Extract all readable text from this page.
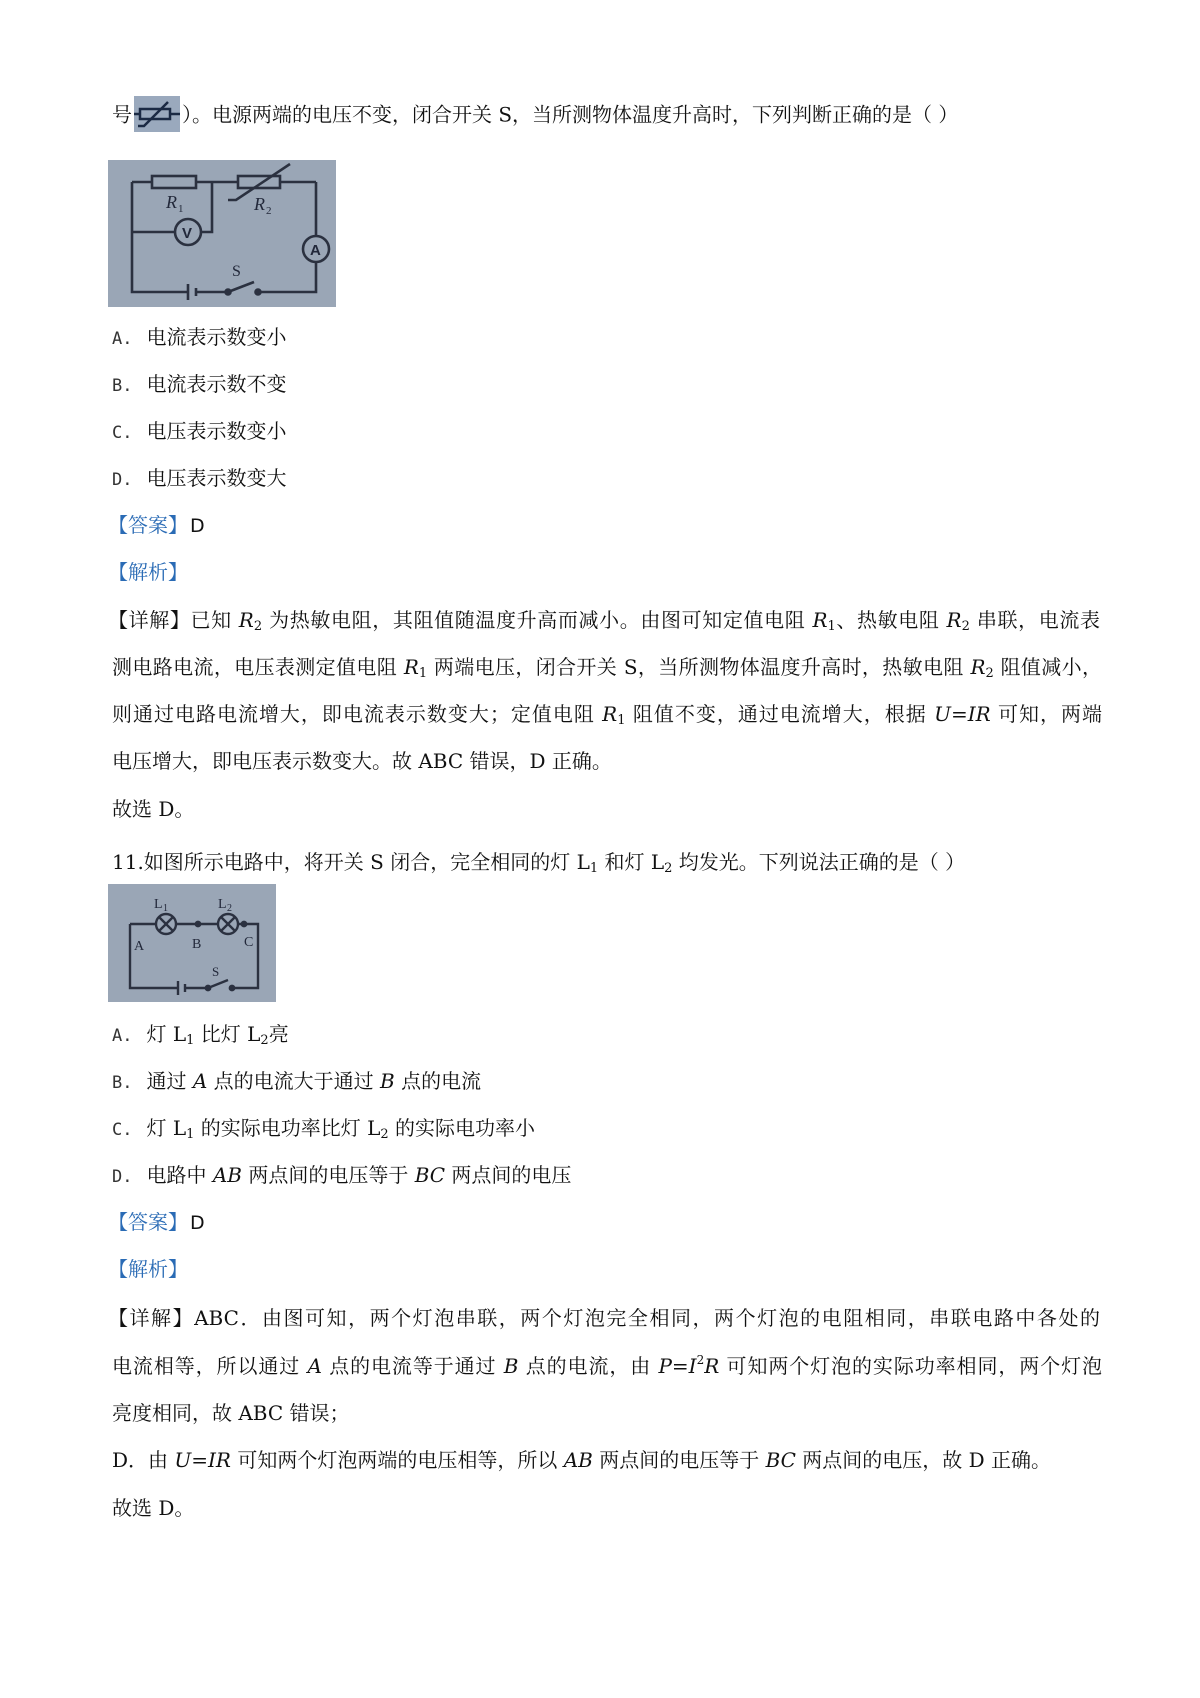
号	）。电源两端的电压不变，闭合开关 S，当所测物体温度升高时，下列判断正确的是（ ）
V
A
R 1	R 2
S
A. 电流表示数变小
B. 电流表示数不变
C. 电压表示数变小
D. 电压表示数变大
【答案】 D
【解析】
【详解】已知 $R_2$ 为热敏电阻，其阻值随温度升高而减小。由图可知定值电阻 $R_1$、热敏电阻 $R_2$ 串联，电流表
测电路电流，电压表测定值电阻 $R_1$ 两端电压，闭合开关 S，当所测物体温度升高时，热敏电阻 $R_2$ 阻值减小，
则通过电路电流增大，即电流表示数变大；定值电阻 $R_1$ 阻值不变，通过电流增大，根据 U=IR 可知，两端
电压增大，即电压表示数变大。故 ABC 错误，D 正确。
故选 D。
11.如图所示电路中，将开关 S 闭合，完全相同的灯 $L_1$ 和灯 $L_2$ 均发光。下列说法正确的是（ ）
L 1	L 2
A	B	C
S
A. 灯 $L_1$ 比灯 $L_2$亮
B. 通过 A 点的电流大于通过 B 点的电流
C. 灯 $L_1$ 的实际电功率比灯 $L_2$ 的实际电功率小
D. 电路中 AB 两点间的电压等于 BC 两点间的电压
【答案】 D
【解析】
【详解】ABC．由图可知，两个灯泡串联，两个灯泡完全相同，两个灯泡的电阻相同，串联电路中各处的
电流相等，所以通过 A 点的电流等于通过 B 点的电流，由 $P=I^2R$ 可知两个灯泡的实际功率相同，两个灯泡
亮度相同，故 ABC 错误；
D．由 U=IR 可知两个灯泡两端的电压相等，所以 AB 两点间的电压等于 BC 两点间的电压，故 D 正确。
故选 D。
